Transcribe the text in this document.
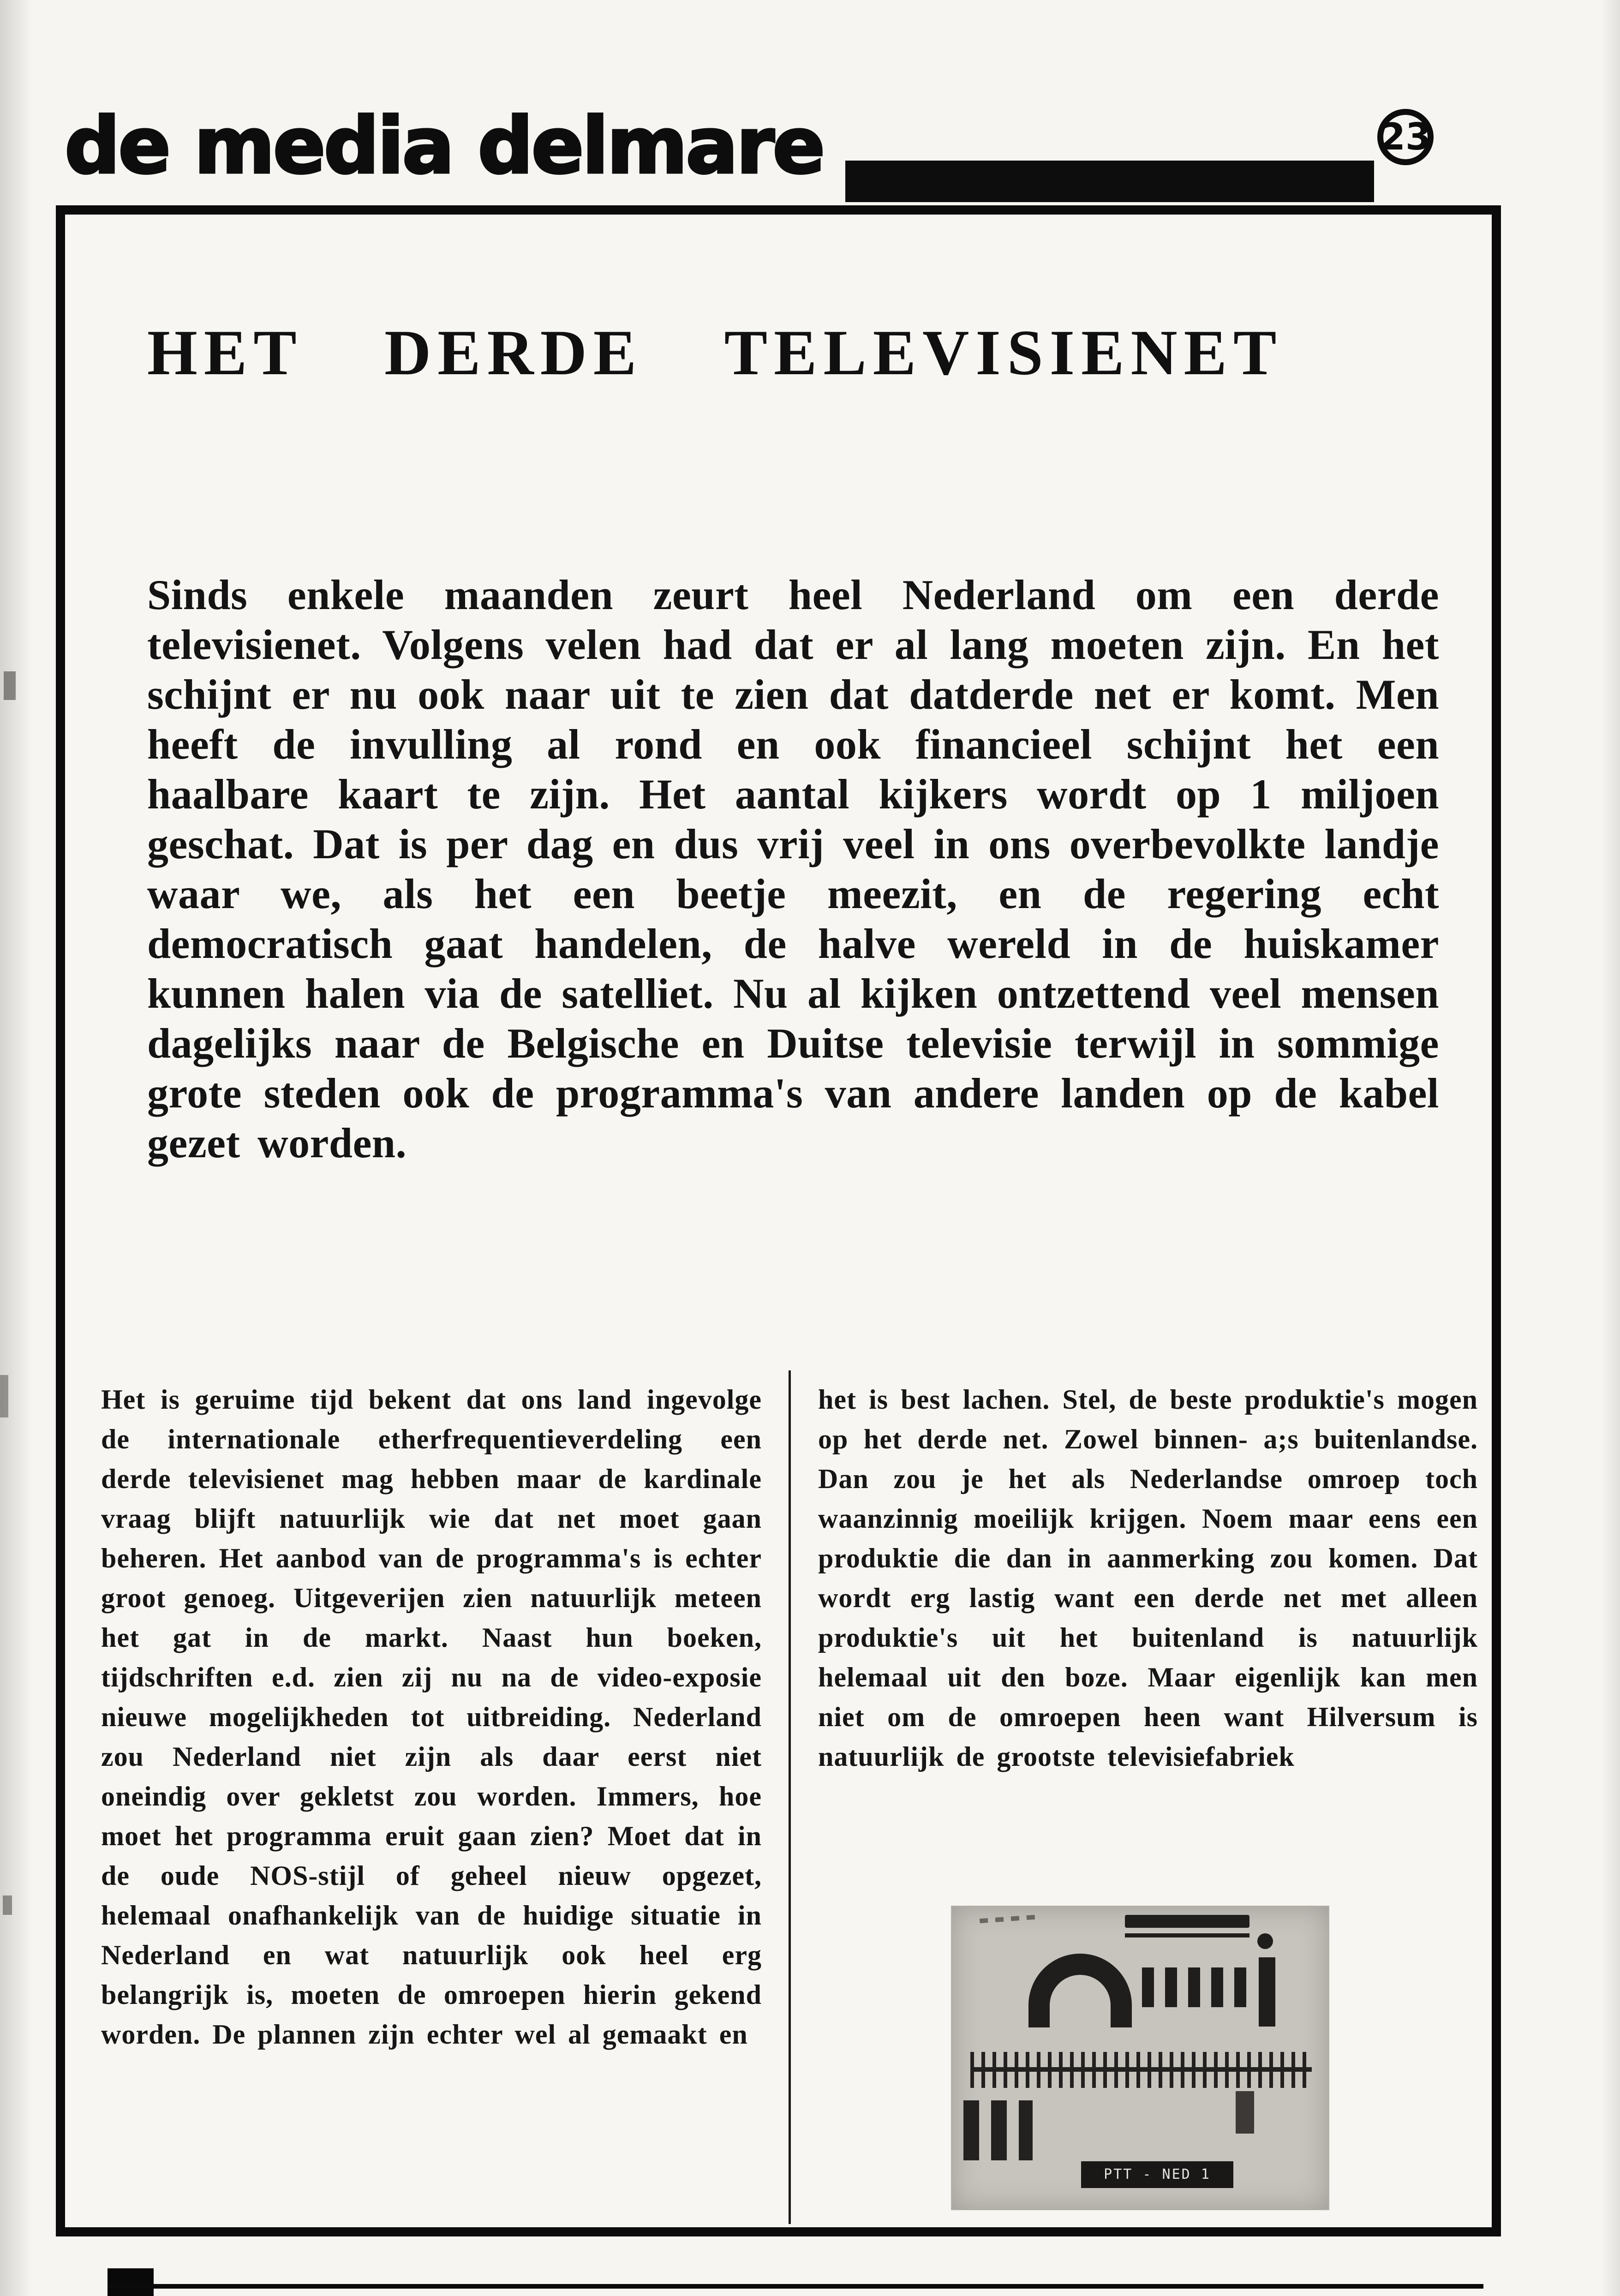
de media delmare	23
HET DERDE TELEVISIENET

Sinds enkele maanden zeurt heel Nederland om een derde televisienet. Volgens velen had dat er al lang moeten zijn. En het schijnt er nu ook naar uit te zien dat datderde net er komt. Men heeft de invulling al rond en ook financieel schijnt het een haalbare kaart te zijn. Het aantal kijkers wordt op 1 miljoen geschat. Dat is per dag en dus vrij veel in ons overbevolkte landje waar we, als het een beetje meezit, en de regering echt democratisch gaat handelen, de halve wereld in de huiskamer kunnen halen via de satelliet. Nu al kijken ontzettend veel mensen dagelijks naar de Belgische en Duitse televisie terwijl in sommige grote steden ook de programma's van andere landen op de kabel gezet worden.

Het is geruime tijd bekent dat ons land ingevolge de internationale etherfrequentieverdeling een derde televisienet mag hebben maar de kardinale vraag blijft natuurlijk wie dat net moet gaan beheren. Het aanbod van de programma's is echter groot genoeg. Uitgeverijen zien natuurlijk meteen het gat in de markt. Naast hun boeken, tijdschriften e.d. zien zij nu na de video-exposie nieuwe mogelijkheden tot uitbreiding. Nederland zou Nederland niet zijn als daar eerst niet oneindig over gekletst zou worden. Immers, hoe moet het programma eruit gaan zien? Moet dat in de oude NOS-stijl of geheel nieuw opgezet, helemaal onafhankelijk van de huidige situatie in Nederland en wat natuurlijk ook heel erg belangrijk is, moeten de omroepen hierin gekend worden. De plannen zijn echter wel al gemaakt en
het is best lachen. Stel, de beste produktie's mogen op het derde net. Zowel binnen- a;s buitenlandse. Dan zou je het als Nederlandse omroep toch waanzinnig moeilijk krijgen. Noem maar eens een produktie die dan in aanmerking zou komen. Dat wordt erg lastig want een derde net met alleen produktie's uit het buitenland is natuurlijk helemaal uit den boze. Maar eigenlijk kan men niet om de omroepen heen want Hilversum is natuurlijk de grootste televisiefabriek
PTT - NED 1
